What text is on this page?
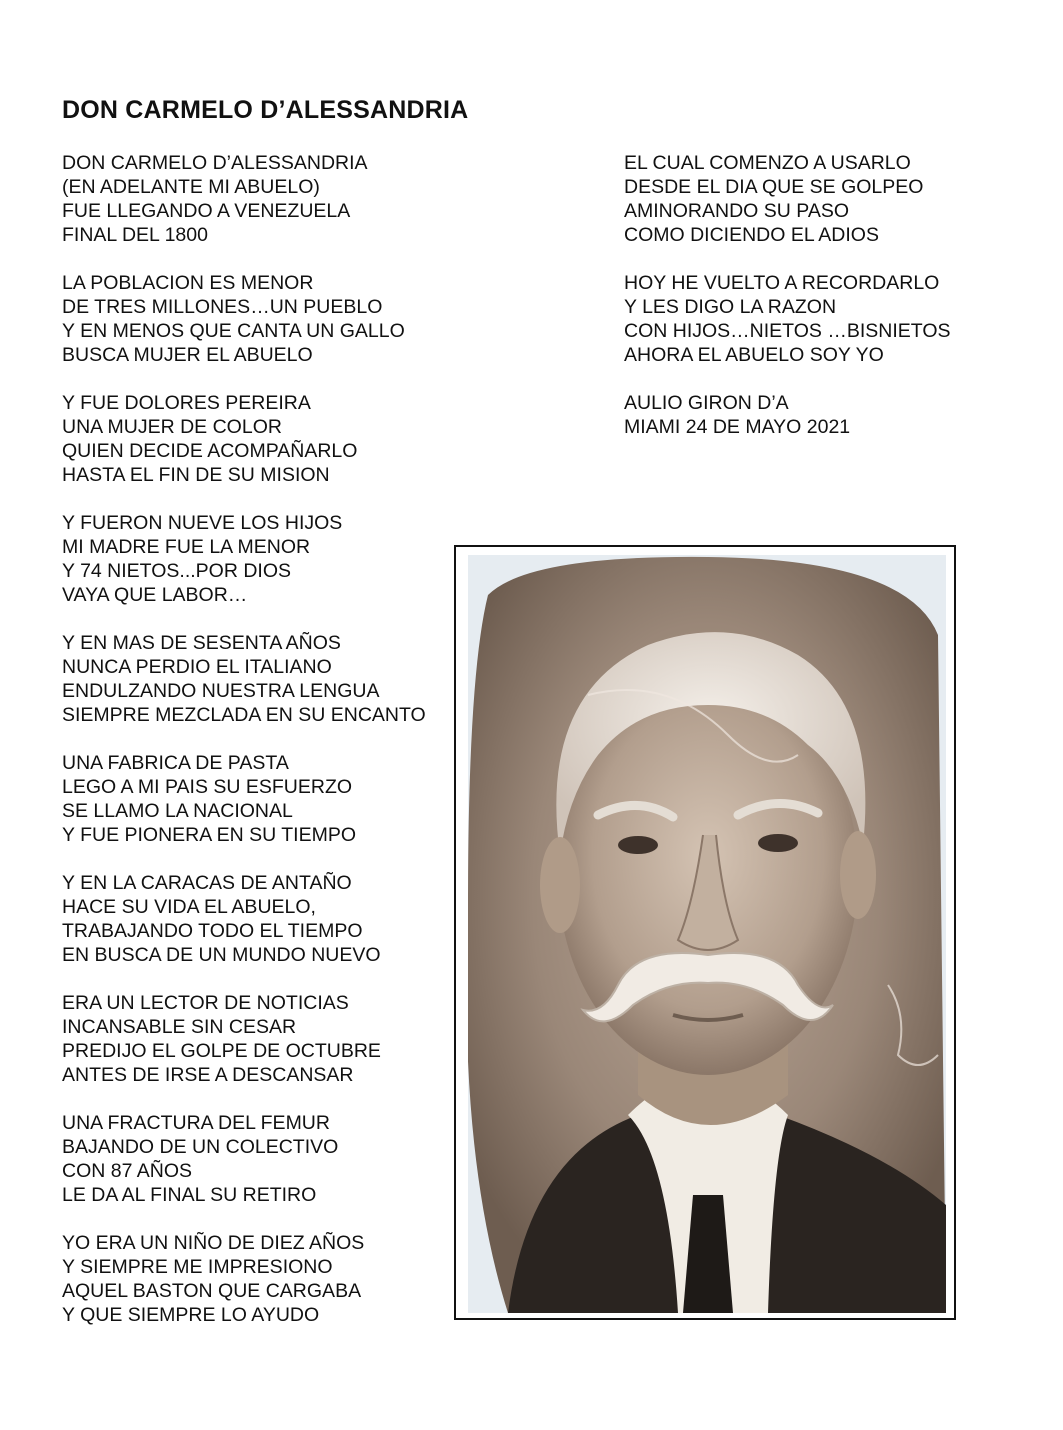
DON CARMELO D’ALESSANDRIA
DON CARMELO D’ALESSANDRIA
(EN ADELANTE MI ABUELO)
FUE LLEGANDO A VENEZUELA
FINAL DEL 1800
LA POBLACION ES MENOR
DE TRES MILLONES…UN PUEBLO
Y EN MENOS QUE CANTA UN GALLO
BUSCA MUJER EL ABUELO
Y FUE DOLORES PEREIRA
UNA MUJER DE COLOR
QUIEN DECIDE ACOMPAÑARLO
HASTA EL FIN DE SU MISION
Y FUERON NUEVE LOS HIJOS
MI MADRE FUE LA MENOR
Y 74 NIETOS...POR DIOS
VAYA QUE LABOR…
Y EN MAS DE SESENTA AÑOS
NUNCA PERDIO EL ITALIANO
ENDULZANDO NUESTRA LENGUA
SIEMPRE MEZCLADA EN SU ENCANTO
UNA FABRICA DE PASTA
LEGO A MI PAIS SU ESFUERZO
SE LLAMO LA NACIONAL
Y FUE PIONERA EN SU TIEMPO
Y EN LA CARACAS DE ANTAÑO
HACE SU VIDA EL ABUELO,
TRABAJANDO TODO EL TIEMPO
EN BUSCA DE UN MUNDO NUEVO
ERA UN LECTOR DE NOTICIAS
INCANSABLE SIN CESAR
PREDIJO EL GOLPE DE OCTUBRE
ANTES DE IRSE A DESCANSAR
UNA FRACTURA DEL FEMUR
BAJANDO DE UN COLECTIVO
CON 87 AÑOS
LE DA AL FINAL SU RETIRO
YO ERA UN NIÑO DE DIEZ AÑOS
Y SIEMPRE ME IMPRESIONO
AQUEL BASTON QUE CARGABA
Y QUE SIEMPRE LO AYUDO
EL CUAL COMENZO A USARLO
DESDE EL DIA QUE SE GOLPEO
AMINORANDO SU PASO
COMO DICIENDO EL ADIOS
HOY HE VUELTO A RECORDARLO
Y LES DIGO LA RAZON
CON HIJOS…NIETOS …BISNIETOS
AHORA EL ABUELO SOY YO
AULIO GIRON D’A
MIAMI 24 DE MAYO 2021
